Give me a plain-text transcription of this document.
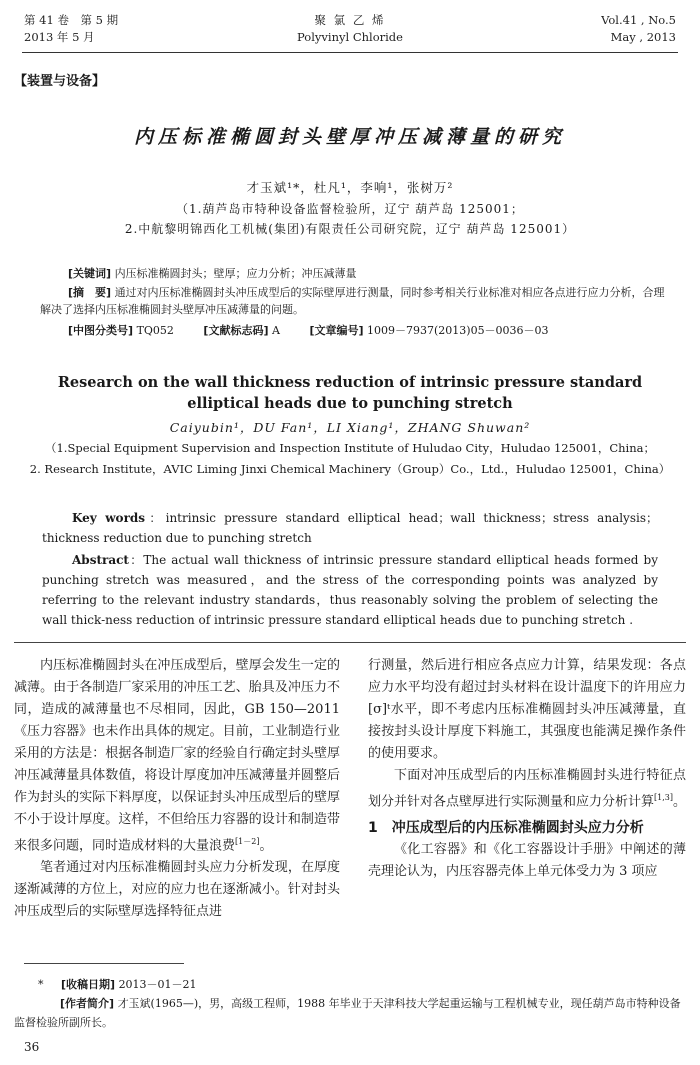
第 41 卷　第 5 期
2013 年 5 月
聚 氯 乙 烯
Polyvinyl Chloride
Vol.41 , No.5
May , 2013
【装置与设备】
内压标准椭圆封头壁厚冲压减薄量的研究
才玉斌¹*，杜凡¹，李响¹，张树万²
（1.葫芦岛市特种设备监督检验所，辽宁 葫芦岛 125001；
2.中航黎明锦西化工机械(集团)有限责任公司研究院，辽宁 葫芦岛 125001）
[关键词] 内压标准椭圆封头；壁厚；应力分析；冲压减薄量
[摘　要] 通过对内压标准椭圆封头冲压成型后的实际壁厚进行测量，同时参考相关行业标准对相应各点进行应力分析，合理解决了选择内压标准椭圆封头壁厚冲压减薄量的问题。
[中图分类号] TQ052	[文献标志码] A	[文章编号] 1009－7937(2013)05－0036－03
Research on the wall thickness reduction of intrinsic pressure standard elliptical heads due to punching stretch
Caiyubin¹，DU Fan¹，LI Xiang¹，ZHANG Shuwan²
（1.Special Equipment Supervision and Inspection Institute of Huludao City，Huludao 125001，China；
2. Research Institute，AVIC Liming Jinxi Chemical Machinery（Group）Co.，Ltd.，Huludao 125001，China）
Key words：intrinsic pressure standard elliptical head；wall thickness；stress analysis；thickness reduction due to punching stretch
Abstract：The actual wall thickness of intrinsic pressure standard elliptical heads formed by punching stretch was measured，and the stress of the corresponding points was analyzed by referring to the relevant industry standards，thus reasonably solving the problem of selecting the wall thick-ness reduction of intrinsic pressure standard elliptical heads due to punching stretch .

内压标准椭圆封头在冲压成型后，壁厚会发生一定的减薄。由于各制造厂家采用的冲压工艺、胎具及冲压力不同，造成的减薄量也不尽相同，因此，GB 150—2011《压力容器》也未作出具体的规定。目前，工业制造行业采用的方法是：根据各制造厂家的经验自行确定封头壁厚冲压减薄量具体数值，将设计厚度加冲压减薄量并圆整后作为封头的实际下料厚度，以保证封头冲压成型后的壁厚不小于设计厚度。这样，不但给压力容器的设计和制造带来很多问题，同时造成材料的大量浪费[1－2]。

笔者通过对内压标准椭圆封头应力分析发现，在厚度逐渐减薄的方位上，对应的应力也在逐渐减小。针对封头冲压成型后的实际壁厚选择特征点进

行测量，然后进行相应各点应力计算，结果发现：各点应力水平均没有超过封头材料在设计温度下的许用应力[σ]ᵗ水平，即不考虑内压标准椭圆封头冲压减薄量，直接按封头设计厚度下料施工，其强度也能满足操作条件的使用要求。

下面对冲压成型后的内压标准椭圆封头进行特征点划分并针对各点壁厚进行实际测量和应力分析计算[1,3]。

1　冲压成型后的内压标准椭圆封头应力分析

《化工容器》和《化工容器设计手册》中阐述的薄壳理论认为，内压容器壳体上单元体受力为 3 项应

* [收稿日期] 2013－01－21
[作者简介] 才玉斌(1965—)，男，高级工程师，1988 年毕业于天津科技大学起重运输与工程机械专业，现任葫芦岛市特种设备监督检验所副所长。
36
